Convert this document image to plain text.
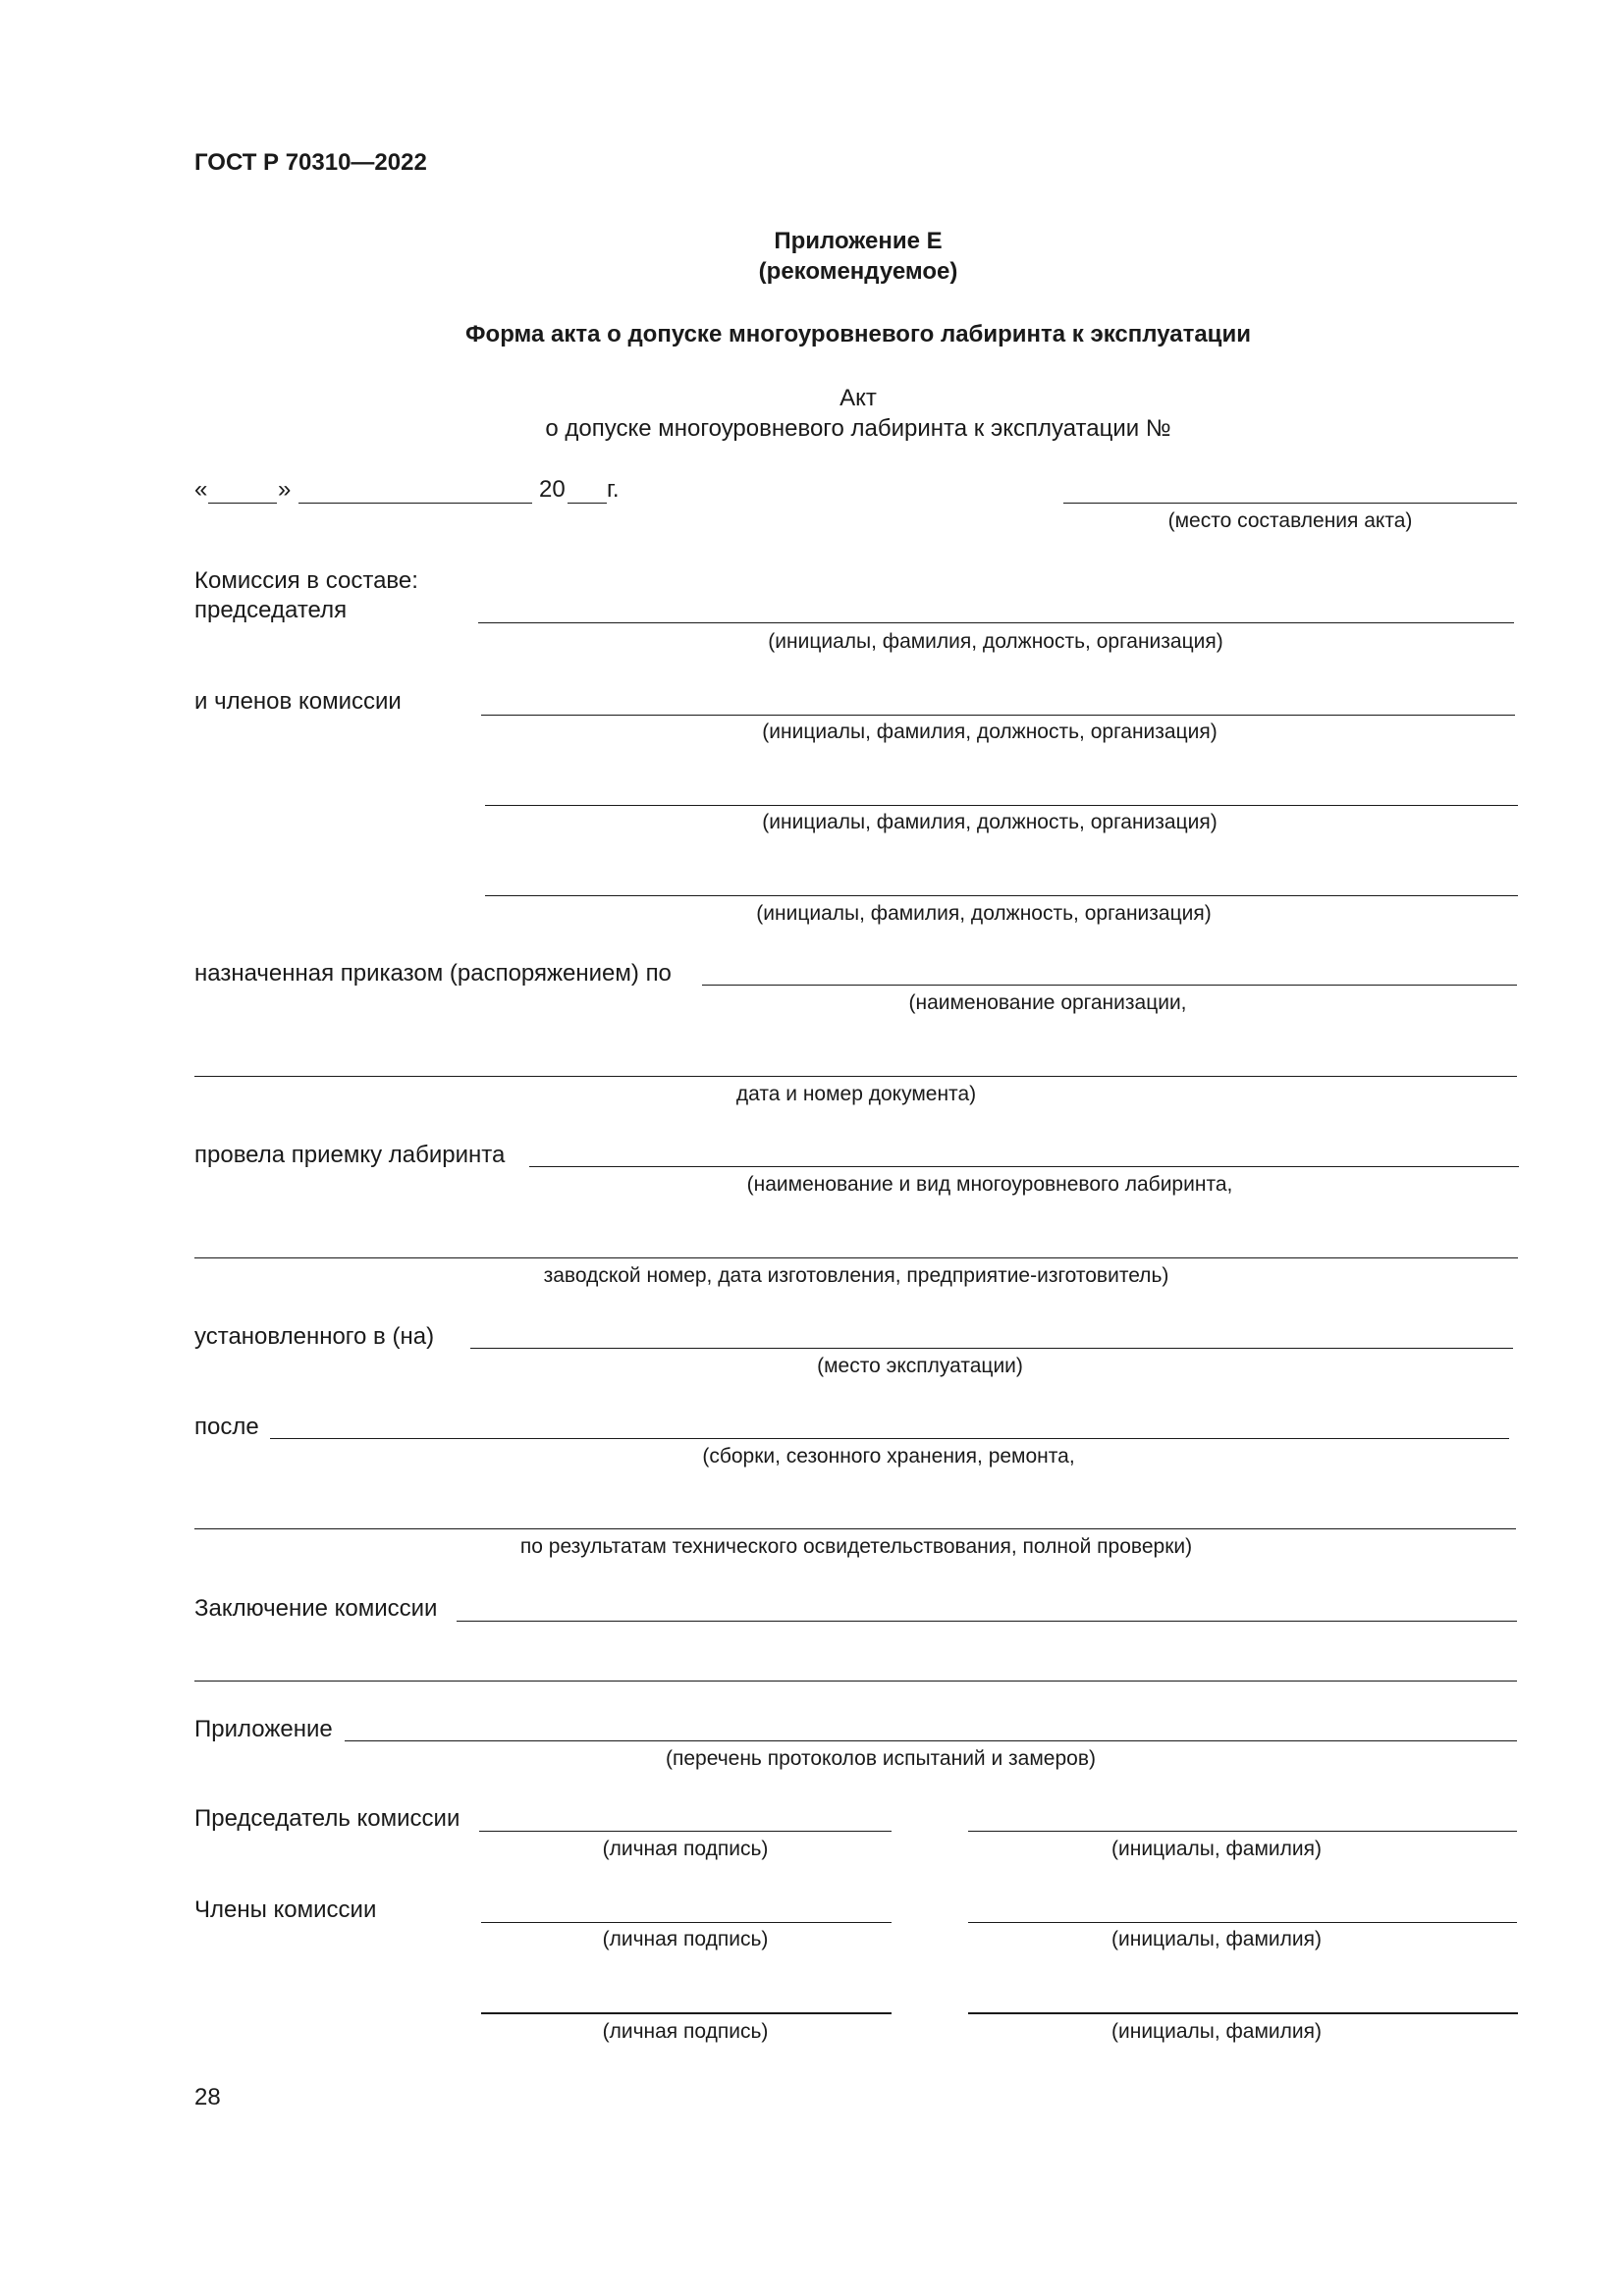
ГОСТ Р 70310—2022
Приложение Е
(рекомендуемое)
Форма акта о допуске многоуровневого лабиринта к эксплуатации
Акт
о допуске многоуровневого лабиринта к эксплуатации №
«	»	20 г.
(место составления акта)
Комиссия в составе:
председателя
(инициалы, фамилия, должность, организация)
и членов комиссии
(инициалы, фамилия, должность, организация)
(инициалы, фамилия, должность, организация)
(инициалы, фамилия, должность, организация)
назначенная приказом (распоряжением) по
(наименование организации,
дата и номер документа)
провела приемку лабиринта
(наименование и вид многоуровневого лабиринта,
заводской номер, дата изготовления, предприятие-изготовитель)
установленного в (на)
(место эксплуатации)
после
(сборки, сезонного хранения, ремонта,
по результатам технического освидетельствования, полной проверки)
Заключение комиссии
Приложение
(перечень протоколов испытаний и замеров)
Председатель комиссии
(личная подпись)	(инициалы, фамилия)
Члены комиссии
(личная подпись)	(инициалы, фамилия)
(личная подпись)	(инициалы, фамилия)
28
